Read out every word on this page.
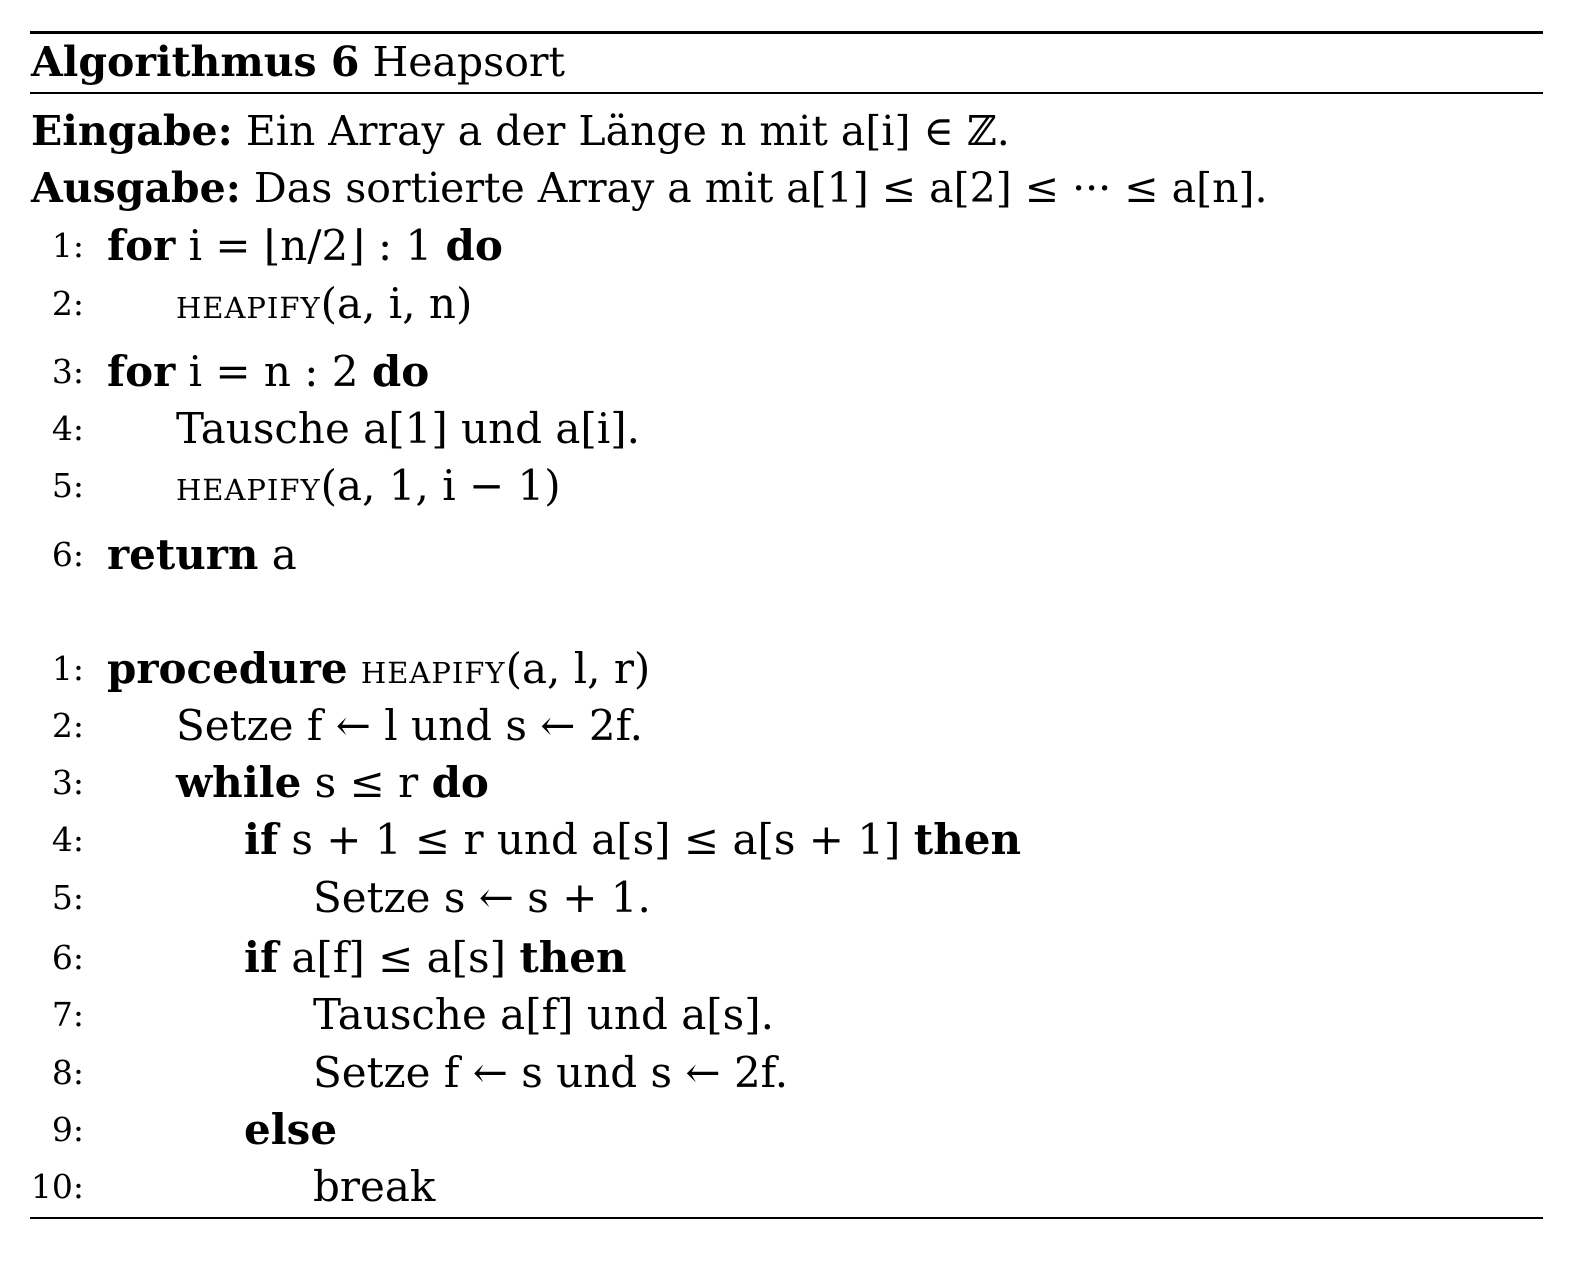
Algorithmus 6 Heapsort
Eingabe: Ein Array a der Länge n mit a[i] ∈ ℤ.
Ausgabe: Das sortierte Array a mit a[1] ≤ a[2] ≤ ··· ≤ a[n].
1: for i = ⌊n/2⌋ : 1 do
2: heapify(a, i, n)
3: for i = n : 2 do
4: Tausche a[1] und a[i].
5: heapify(a, 1, i − 1)
6: return a
1: procedure heapify(a, l, r)
2: Setze f ← l und s ← 2f.
3: while s ≤ r do
4:	if s + 1 ≤ r und a[s] ≤ a[s + 1] then
5:	Setze s ← s + 1.
6:	if a[f] ≤ a[s] then
7:	Tausche a[f] und a[s].
8:	Setze f ← s und s ← 2f.
9:	else
10:	break
